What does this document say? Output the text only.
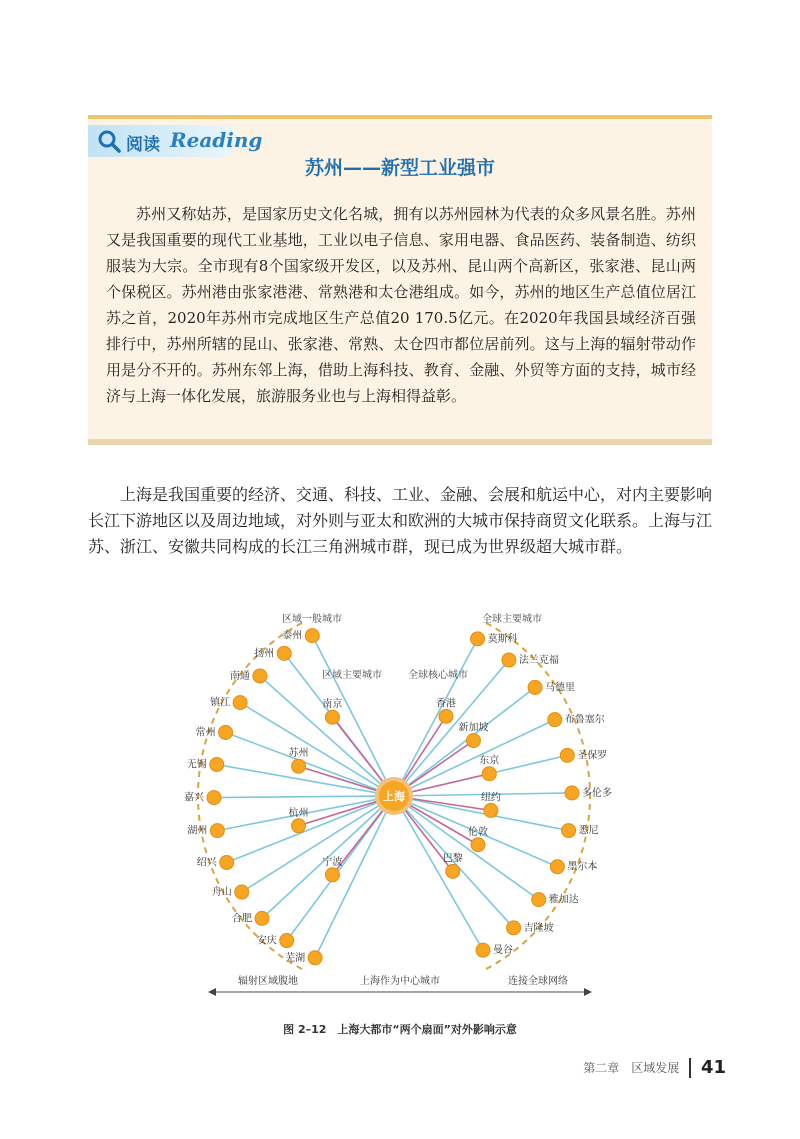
阅读 Reading
苏州——新型工业强市
苏州又称姑苏，是国家历史文化名城，拥有以苏州园林为代表的众多风景名胜。苏州又是我国重要的现代工业基地，工业以电子信息、家用电器、食品医药、装备制造、纺织服装为大宗。全市现有8个国家级开发区，以及苏州、昆山两个高新区，张家港、昆山两个保税区。苏州港由张家港港、常熟港和太仓港组成。如今，苏州的地区生产总值位居江苏之首，2020年苏州市完成地区生产总值20 170.5亿元。在2020年我国县域经济百强排行中，苏州所辖的昆山、张家港、常熟、太仓四市都位居前列。这与上海的辐射带动作用是分不开的。苏州东邻上海，借助上海科技、教育、金融、外贸等方面的支持，城市经济与上海一体化发展，旅游服务业也与上海相得益彰。
上海是我国重要的经济、交通、科技、工业、金融、会展和航运中心，对内主要影响长江下游地区以及周边地域，对外则与亚太和欧洲的大城市保持商贸文化联系。上海与江苏、浙江、安徽共同构成的长江三角洲城市群，现已成为世界级超大城市群。
泰州
扬州
南通
镇江
常州
无锡
嘉兴
湖州
绍兴
舟山
合肥
安庆
芜湖
南京
苏州
杭州
宁波
香港
新加坡
东京
纽约
伦敦
巴黎
莫斯科
法兰克福
马德里
布鲁塞尔
圣保罗
多伦多
悉尼
墨尔本
雅加达
吉隆坡
曼谷
上海
区域一般城市
区域主要城市	全球核心城市
全球主要城市
辐射区域腹地	上海作为中心城市	连接全球网络
图 2–12　上海大都市“两个扇面”对外影响示意
第二章　区域发展 41
